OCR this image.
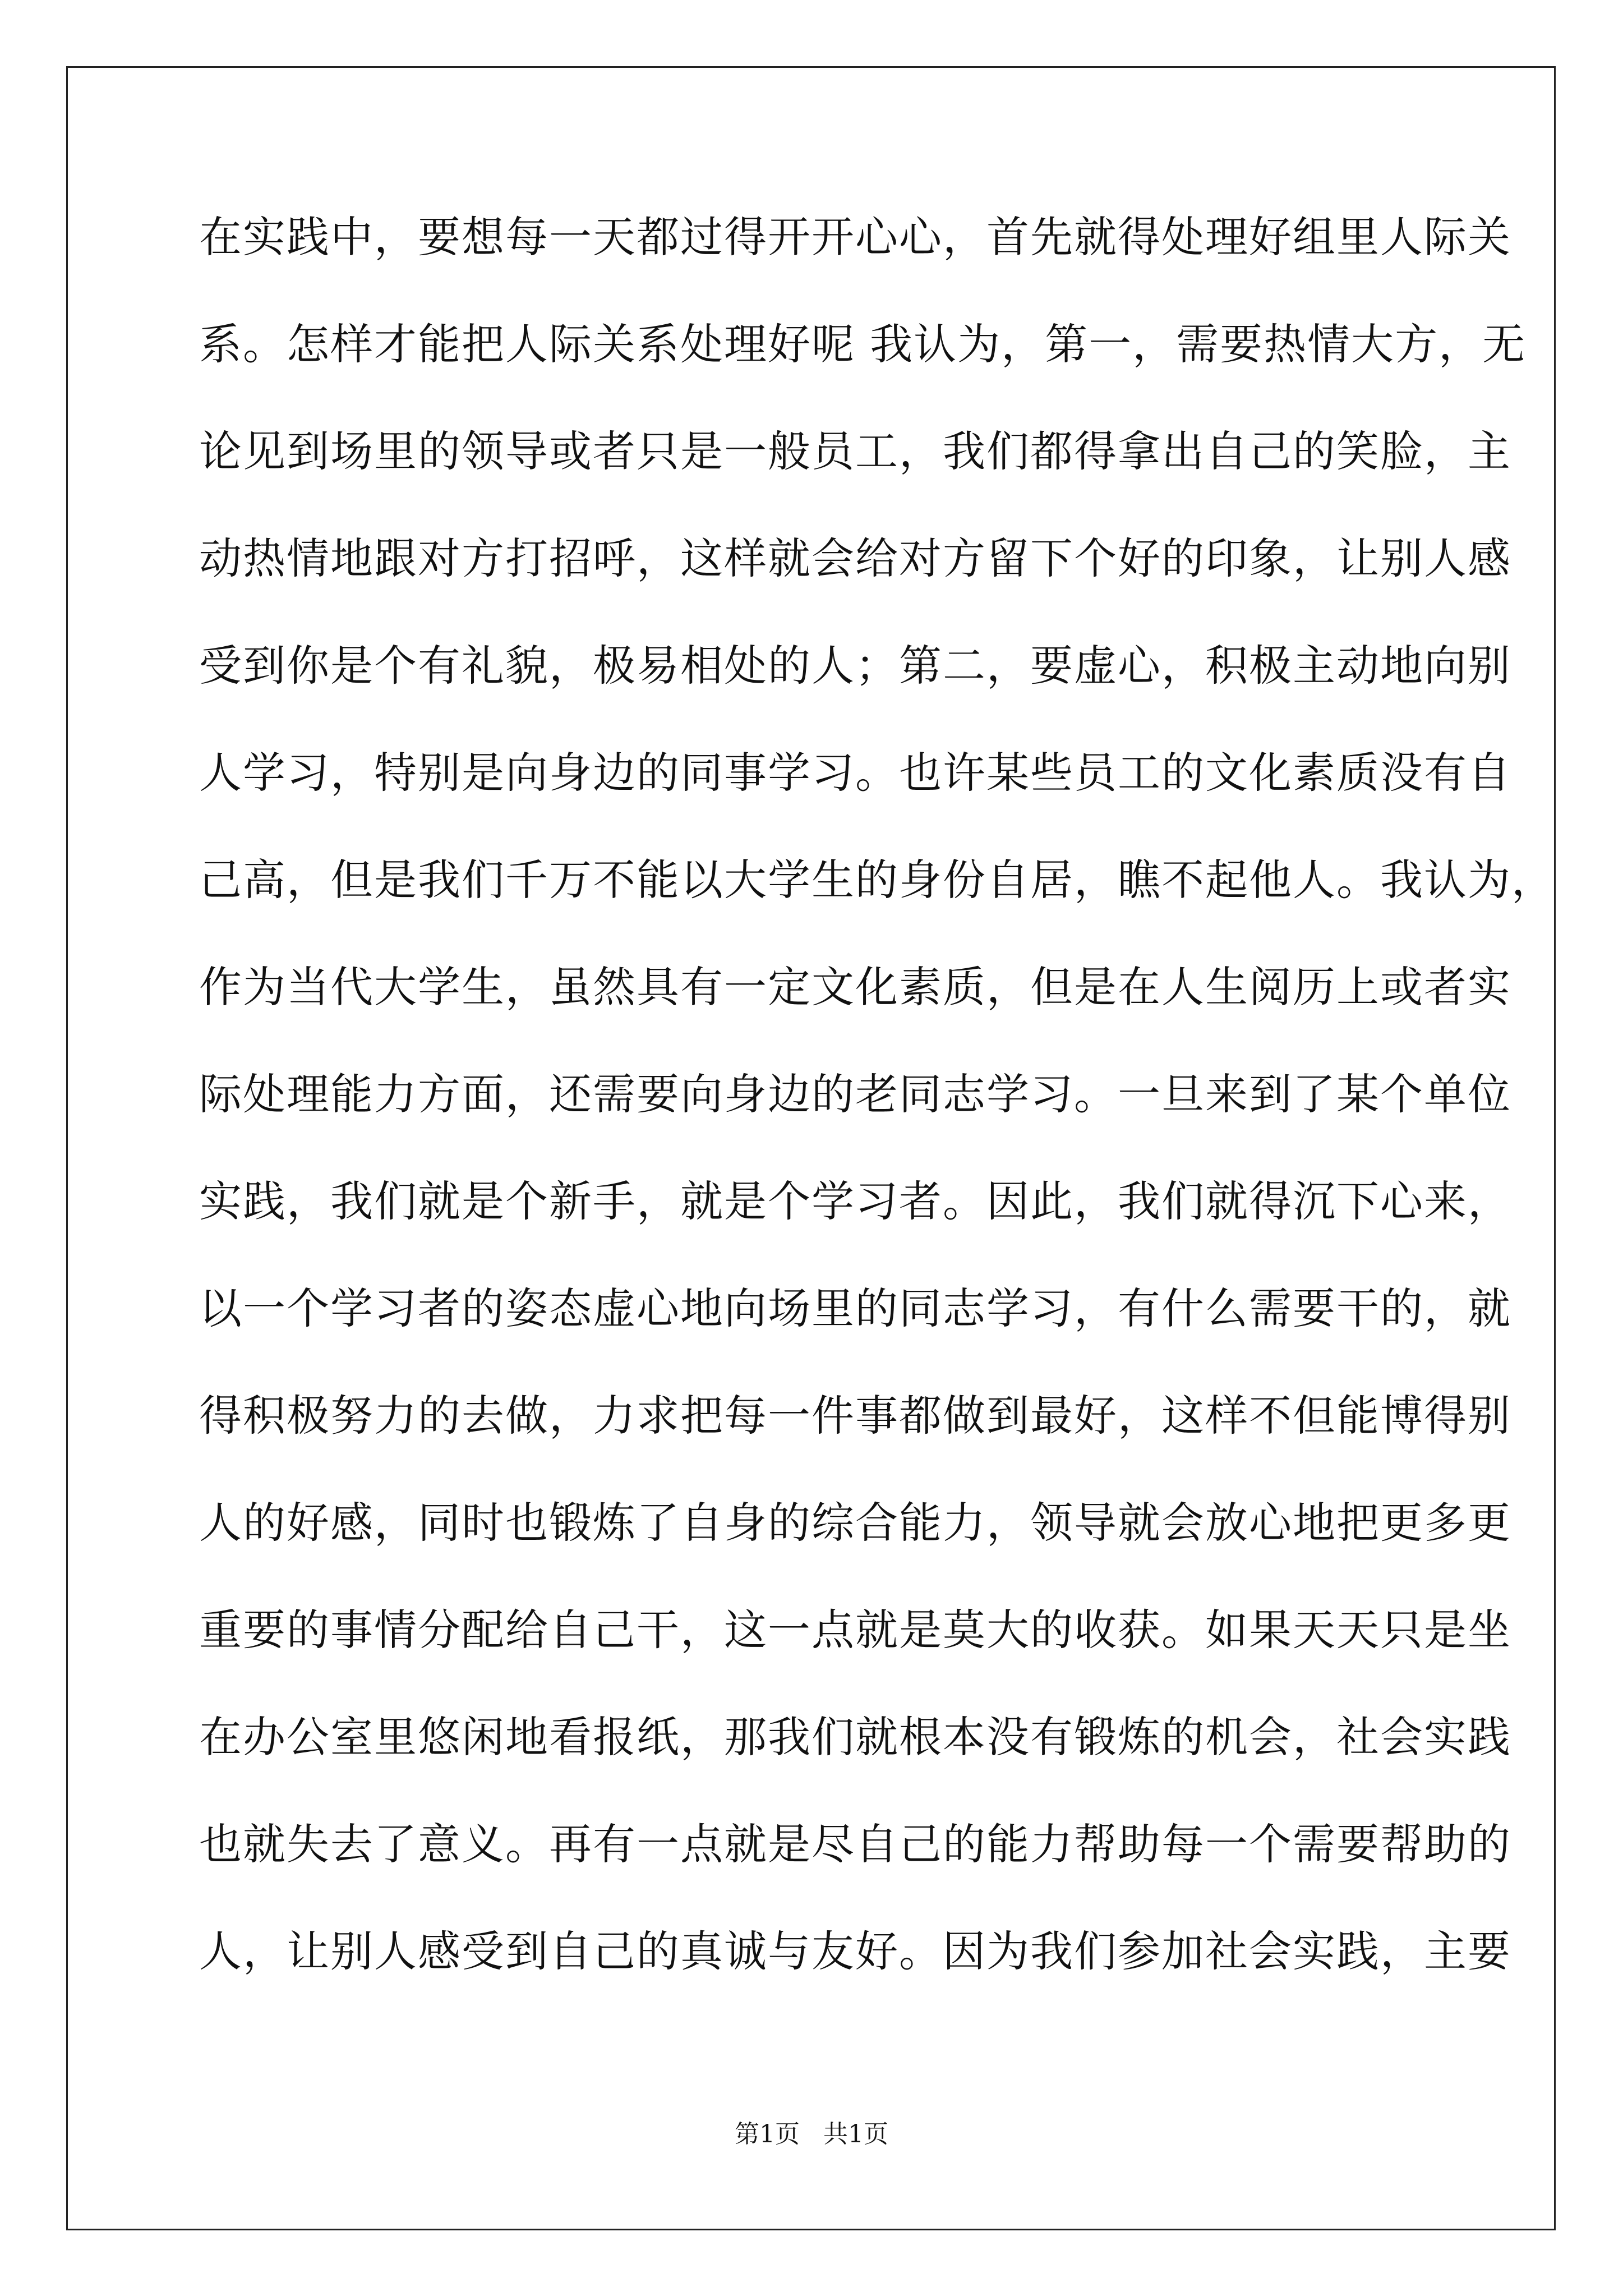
在实践中，要想每一天都过得开开心心，首先就得处理好组里人际关
系。怎样才能把人际关系处理好呢 我认为，第一，需要热情大方，无
论见到场里的领导或者只是一般员工，我们都得拿出自己的笑脸，主
动热情地跟对方打招呼，这样就会给对方留下个好的印象，让别人感
受到你是个有礼貌，极易相处的人；第二，要虚心，积极主动地向别
人学习，特别是向身边的同事学习。也许某些员工的文化素质没有自
己高，但是我们千万不能以大学生的身份自居，瞧不起他人。我认为，
作为当代大学生，虽然具有一定文化素质，但是在人生阅历上或者实
际处理能力方面，还需要向身边的老同志学习。一旦来到了某个单位
实践，我们就是个新手，就是个学习者。因此，我们就得沉下心来，
以一个学习者的姿态虚心地向场里的同志学习，有什么需要干的，就
得积极努力的去做，力求把每一件事都做到最好，这样不但能博得别
人的好感，同时也锻炼了自身的综合能力，领导就会放心地把更多更
重要的事情分配给自己干，这一点就是莫大的收获。如果天天只是坐
在办公室里悠闲地看报纸，那我们就根本没有锻炼的机会，社会实践
也就失去了意义。再有一点就是尽自己的能力帮助每一个需要帮助的
人，让别人感受到自己的真诚与友好。因为我们参加社会实践，主要
第1页   共1页
